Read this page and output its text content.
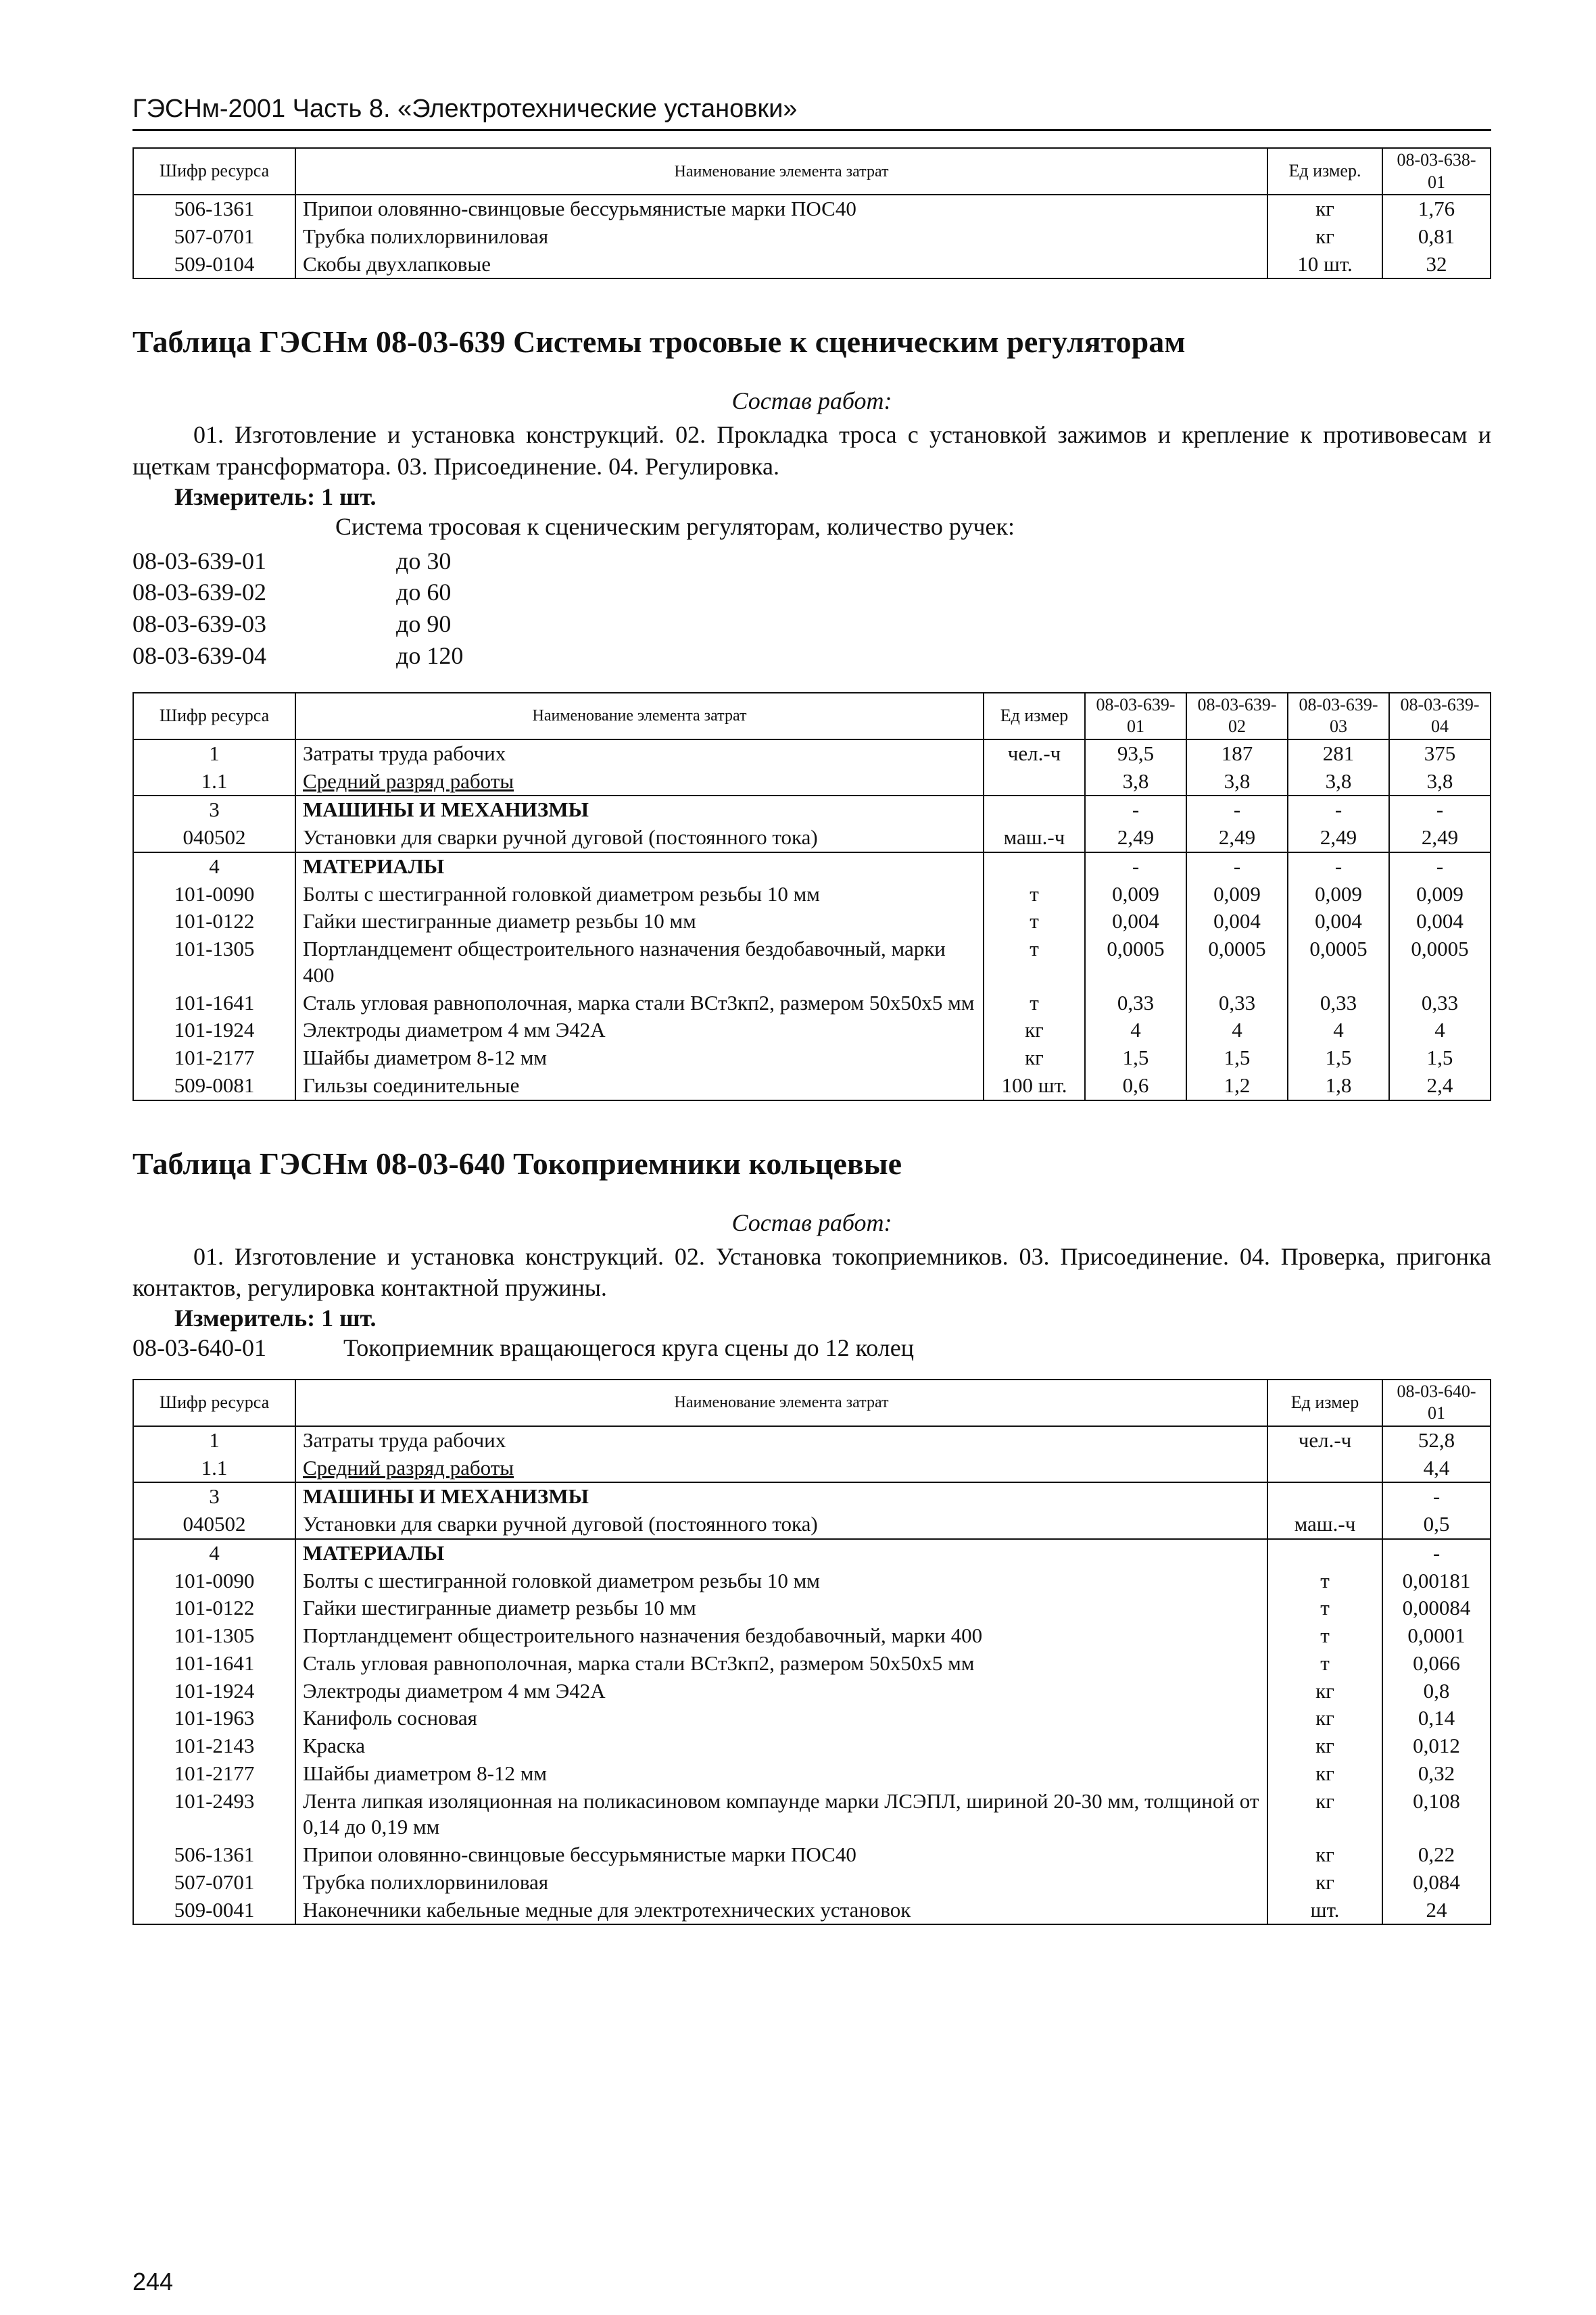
ГЭСНм-2001 Часть 8. «Электротехнические установки»
Шифр ресурса	Наименование элемента затрат	Ед измер.	08-03-638-01
506-1361	Припои оловянно-свинцовые бессурьмянистые марки ПОС40	кг	1,76
507-0701	Трубка полихлорвиниловая	кг	0,81
509-0104	Скобы двухлапковые	10 шт.	32
Таблица ГЭСНм 08-03-639 Системы тросовые к сценическим регуляторам
Состав работ:
01. Изготовление и установка конструкций. 02. Прокладка троса с установкой зажимов и крепление к противовесам и щеткам трансформатора. 03. Присоединение. 04. Регулировка.
Измеритель: 1 шт.
Система тросовая к сценическим регуляторам, количество ручек:
08-03-639-01	до 30
08-03-639-02	до 60
08-03-639-03	до 90
08-03-639-04	до 120
Шифр ресурса	Наименование элемента затрат	Ед измер	08-03-639-01	08-03-639-02	08-03-639-03	08-03-639-04
1	Затраты труда рабочих	чел.-ч	93,5	187	281	375
1.1	Средний разряд работы		3,8	3,8	3,8	3,8
3	МАШИНЫ И МЕХАНИЗМЫ		-	-	-	-
040502	Установки для сварки ручной дуговой (постоянного тока)	маш.-ч	2,49	2,49	2,49	2,49
4	МАТЕРИАЛЫ		-	-	-	-
101-0090	Болты с шестигранной головкой диаметром резьбы 10 мм	т	0,009	0,009	0,009	0,009
101-0122	Гайки шестигранные диаметр резьбы 10 мм	т	0,004	0,004	0,004	0,004
101-1305	Портландцемент общестроительного назначения бездобавочный, марки 400	т	0,0005	0,0005	0,0005	0,0005
101-1641	Сталь угловая равнополочная, марка стали ВСт3кп2, размером 50х50х5 мм	т	0,33	0,33	0,33	0,33
101-1924	Электроды диаметром 4 мм Э42А	кг	4	4	4	4
101-2177	Шайбы диаметром 8-12 мм	кг	1,5	1,5	1,5	1,5
509-0081	Гильзы соединительные	100 шт.	0,6	1,2	1,8	2,4
Таблица ГЭСНм 08-03-640 Токоприемники кольцевые
Состав работ:
01. Изготовление и установка конструкций. 02. Установка токоприемников. 03. Присоединение. 04. Проверка, пригонка контактов, регулировка контактной пружины.
Измеритель: 1 шт.
08-03-640-01	Токоприемник вращающегося круга сцены до 12 колец
Шифр ресурса	Наименование элемента затрат	Ед измер	08-03-640-01
1	Затраты труда рабочих	чел.-ч	52,8
1.1	Средний разряд работы		4,4
3	МАШИНЫ И МЕХАНИЗМЫ		-
040502	Установки для сварки ручной дуговой (постоянного тока)	маш.-ч	0,5
4	МАТЕРИАЛЫ		-
101-0090	Болты с шестигранной головкой диаметром резьбы 10 мм	т	0,00181
101-0122	Гайки шестигранные диаметр резьбы 10 мм	т	0,00084
101-1305	Портландцемент общестроительного назначения бездобавочный, марки 400	т	0,0001
101-1641	Сталь угловая равнополочная, марка стали ВСт3кп2, размером 50х50х5 мм	т	0,066
101-1924	Электроды диаметром 4 мм Э42А	кг	0,8
101-1963	Канифоль сосновая	кг	0,14
101-2143	Краска	кг	0,012
101-2177	Шайбы диаметром 8-12 мм	кг	0,32
101-2493	Лента липкая изоляционная на поликасиновом компаунде марки ЛСЭПЛ, шириной 20-30 мм, толщиной от 0,14 до 0,19 мм	кг	0,108
506-1361	Припои оловянно-свинцовые бессурьмянистые марки ПОС40	кг	0,22
507-0701	Трубка полихлорвиниловая	кг	0,084
509-0041	Наконечники кабельные медные для электротехнических установок	шт.	24
244
